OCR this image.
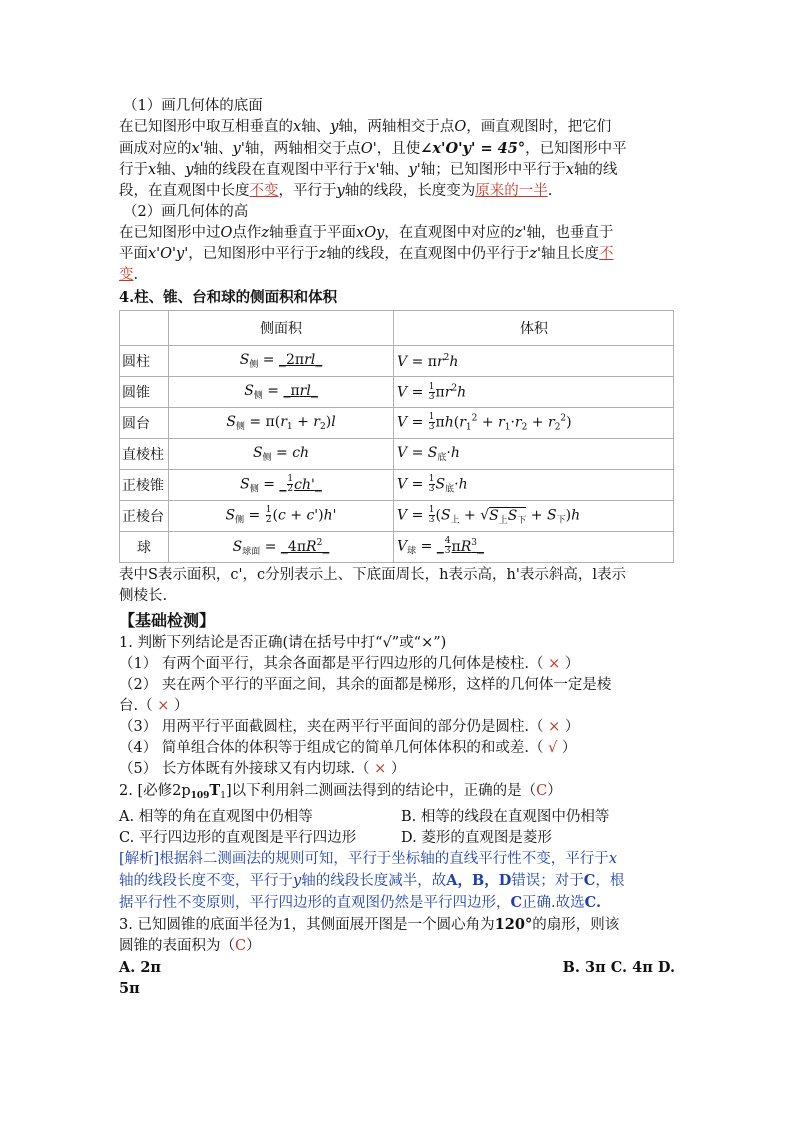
（1）画几何体的底面
在已知图形中取互相垂直的x轴、y轴，两轴相交于点O，画直观图时，把它们
画成对应的x'轴、y'轴，两轴相交于点O'，且使∠x'O'y' = 45°，已知图形中平
行于x轴、y轴的线段在直观图中平行于x'轴、y'轴；已知图形中平行于x轴的线
段，在直观图中长度不变，平行于y轴的线段，长度变为原来的一半.
（2）画几何体的高
在已知图形中过O点作z轴垂直于平面xOy，在直观图中对应的z'轴，也垂直于
平面x'O'y'，已知图形中平行于z轴的线段，在直观图中仍平行于z'轴且长度不
变.
4.柱、锥、台和球的侧面积和体积
	侧面积	体积
圆柱	$S_侧$ = _2πrl_	$V = \pi r^2h$
圆锥	$S_侧$ = _πrl_	$V = \frac{1}{3} \pi r^2h$
圆台	$S_侧 = \pi(r_1 + r_2)l$	$V = \frac{1}{3} \pi h(r_1^2 + r_1\cdot r_2 + r_2^2)$
直棱柱	$S_侧$ = ch	$V = S_底\cdot h$
正棱锥	$S_侧$ = _ $\frac{1}{2}$ ch'_	$V = \frac{1}{3} S_底\cdot h$
正棱台	$S_侧 = \frac{1}{2} (c + c')h'$	$V = \frac{1}{3} (S_上 + √S_上S_下 + S_下)h$
球	$S_{球面}$ = $\_4\pi R^2\_$	$V_球$ = _ $\frac{4}{3}$ $\pi R^3\_$
表中S表示面积，c'，c分别表示上、下底面周长，h表示高，h'表示斜高，l表示
侧棱长.
【基础检测】
1. 判断下列结论是否正确(请在括号中打“√”或“×”)
（1） 有两个面平行，其余各面都是平行四边形的几何体是棱柱.（ × ）
（2） 夹在两个平行的平面之间，其余的面都是梯形，这样的几何体一定是棱
台.（ × ）
（3） 用两平行平面截圆柱，夹在两平行平面间的部分仍是圆柱.（ × ）
（4） 简单组合体的体积等于组成它的简单几何体体积的和或差.（ √ ）
（5） 长方体既有外接球又有内切球.（ × ）
2. [必修$2p_{109}T_1$]以下利用斜二测画法得到的结论中，正确的是（C）
A. 相等的角在直观图中仍相等	B. 相等的线段在直观图中仍相等
C. 平行四边形的直观图是平行四边形	D. 菱形的直观图是菱形
[解析]根据斜二测画法的规则可知，平行于坐标轴的直线平行性不变，平行于x
轴的线段长度不变，平行于y轴的线段长度减半，故A，B，D错误；对于C，根
据平行性不变原则，平行四边形的直观图仍然是平行四边形，C正确.故选C.
3. 已知圆锥的底面半径为1，其侧面展开图是一个圆心角为120°的扇形，则该
圆锥的表面积为（C）
A. 2π	B. 3π C. 4π D.
5π
